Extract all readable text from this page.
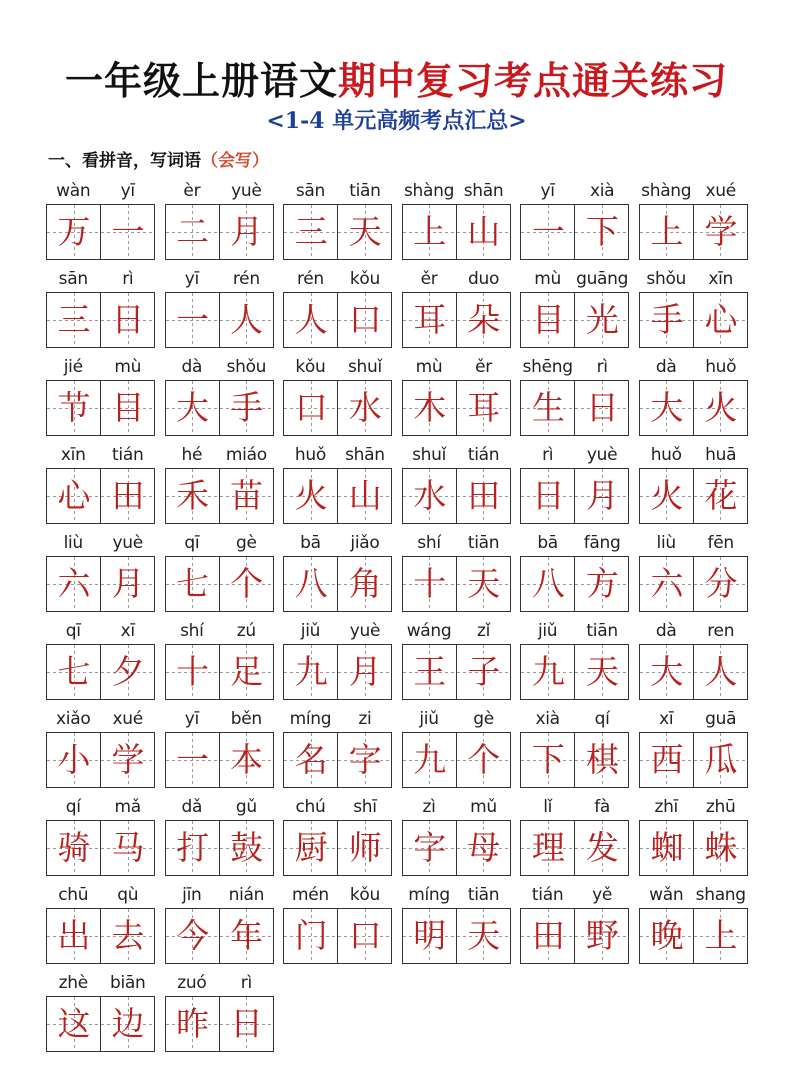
一年级上册语文期中复习考点通关练习
<1-4 单元高频考点汇总>
一、看拼音，写词语（会写）
wàn	yī
万 一
èr	yuè
二 月
sān	tiān
三 天
shàng shān
上 山
yī	xià
一 下
shàng xué
上 学
sān	rì
三 日
yī	rén
一 人
rén	kǒu
人 口
ěr	duo
耳 朵
mù guāng
目 光
shǒu	xīn
手 心
jié	mù
节 目
dà	shǒu
大 手
kǒu	shuǐ
口 水
mù	ěr
木 耳
shēng	rì
生 日
dà	huǒ
大 火
xīn	tián
心 田
hé	miáo
禾 苗
huǒ	shān
火 山
shuǐ	tián
水 田
rì	yuè
日 月
huǒ	huā
火 花
liù	yuè
六 月
qī	gè
七 个
bā	jiǎo
八 角
shí	tiān
十 天
bā	fāng
八 方
liù	fēn
六 分
qī	xī
七 夕
shí	zú
十 足
jiǔ	yuè
九 月
wáng	zǐ
王 子
jiǔ	tiān
九 天
dà	ren
大 人
xiǎo	xué
小 学
yī	běn
一 本
míng	zi
名 字
jiǔ	gè
九 个
xià	qí
下 棋
xī	guā
西 瓜
qí	mǎ
骑 马
dǎ	gǔ
打 鼓
chú	shī
厨 师
zì	mǔ
字 母
lǐ	fà
理 发
zhī	zhū
蜘 蛛
chū	qù
出 去
jīn	nián
今 年
mén	kǒu
门 口
míng	tiān
明 天
tián	yě
田 野
wǎn shang
晚 上
zhè	biān
这 边
zuó	rì
昨 日
